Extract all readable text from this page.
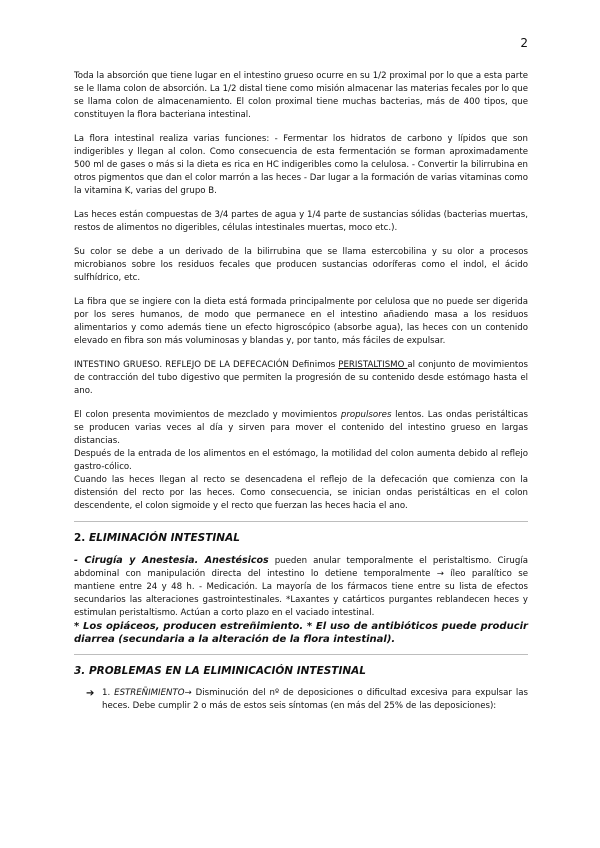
2

Toda la absorción que tiene lugar en el intestino grueso ocurre en su 1/2 proximal por lo que a esta parte se le llama colon de absorción. La 1/2 distal tiene como misión almacenar las materias fecales por lo que se llama colon de almacenamiento. El colon proximal tiene muchas bacterias, más de 400 tipos, que constituyen la flora bacteriana intestinal.

La flora intestinal realiza varias funciones: - Fermentar los hidratos de carbono y lípidos que son indigeribles y llegan al colon. Como consecuencia de esta fermentación se forman aproximadamente 500 ml de gases o más si la dieta es rica en HC indigeribles como la celulosa. - Convertir la bilirrubina en otros pigmentos que dan el color marrón a las heces - Dar lugar a la formación de varias vitaminas como la vitamina K, varias del grupo B.

Las heces están compuestas de 3/4 partes de agua y 1/4 parte de sustancias sólidas (bacterias muertas, restos de alimentos no digeribles, células intestinales muertas, moco etc.).

Su color se debe a un derivado de la bilirrubina que se llama estercobilina y su olor a procesos microbianos sobre los residuos fecales que producen sustancias odoríferas como el indol, el ácido sulfhídrico, etc.

La fibra que se ingiere con la dieta está formada principalmente por celulosa que no puede ser digerida por los seres humanos, de modo que permanece en el intestino añadiendo masa a los residuos alimentarios y como además tiene un efecto higroscópico (absorbe agua), las heces con un contenido elevado en fibra son más voluminosas y blandas y, por tanto, más fáciles de expulsar.

INTESTINO GRUESO. REFLEJO DE LA DEFECACIÓN Definimos PERISTALTISMO al conjunto de movimientos de contracción del tubo digestivo que permiten la progresión de su contenido desde estómago hasta el ano.

El colon presenta movimientos de mezclado y movimientos propulsores lentos. Las ondas peristálticas se producen varias veces al día y sirven para mover el contenido del intestino grueso en largas distancias.

Después de la entrada de los alimentos en el estómago, la motilidad del colon aumenta debido al reflejo gastro-cólico.

Cuando las heces llegan al recto se desencadena el reflejo de la defecación que comienza con la distensión del recto por las heces. Como consecuencia, se inician ondas peristálticas en el colon descendente, el colon sigmoide y el recto que fuerzan las heces hacia el ano.

2. ELIMINACIÓN INTESTINAL

- Cirugía y Anestesia. Anestésicos pueden anular temporalmente el peristaltismo. Cirugía abdominal con manipulación directa del intestino lo detiene temporalmente → íleo paralítico se mantiene entre 24 y 48 h. - Medicación. La mayoría de los fármacos tiene entre su lista de efectos secundarios las alteraciones gastrointestinales. *Laxantes y catárticos purgantes reblandecen heces y estimulan peristaltismo. Actúan a corto plazo en el vaciado intestinal.

* Los opiáceos, producen estreñimiento. * El uso de antibióticos puede producir diarrea (secundaria a la alteración de la flora intestinal).

3. PROBLEMAS EN LA ELIMINICACIÓN INTESTINAL
➔ 1. ESTREÑIMIENTO→ Disminución del nº de deposiciones o dificultad excesiva para expulsar las heces. Debe cumplir 2 o más de estos seis síntomas (en más del 25% de las deposiciones):
